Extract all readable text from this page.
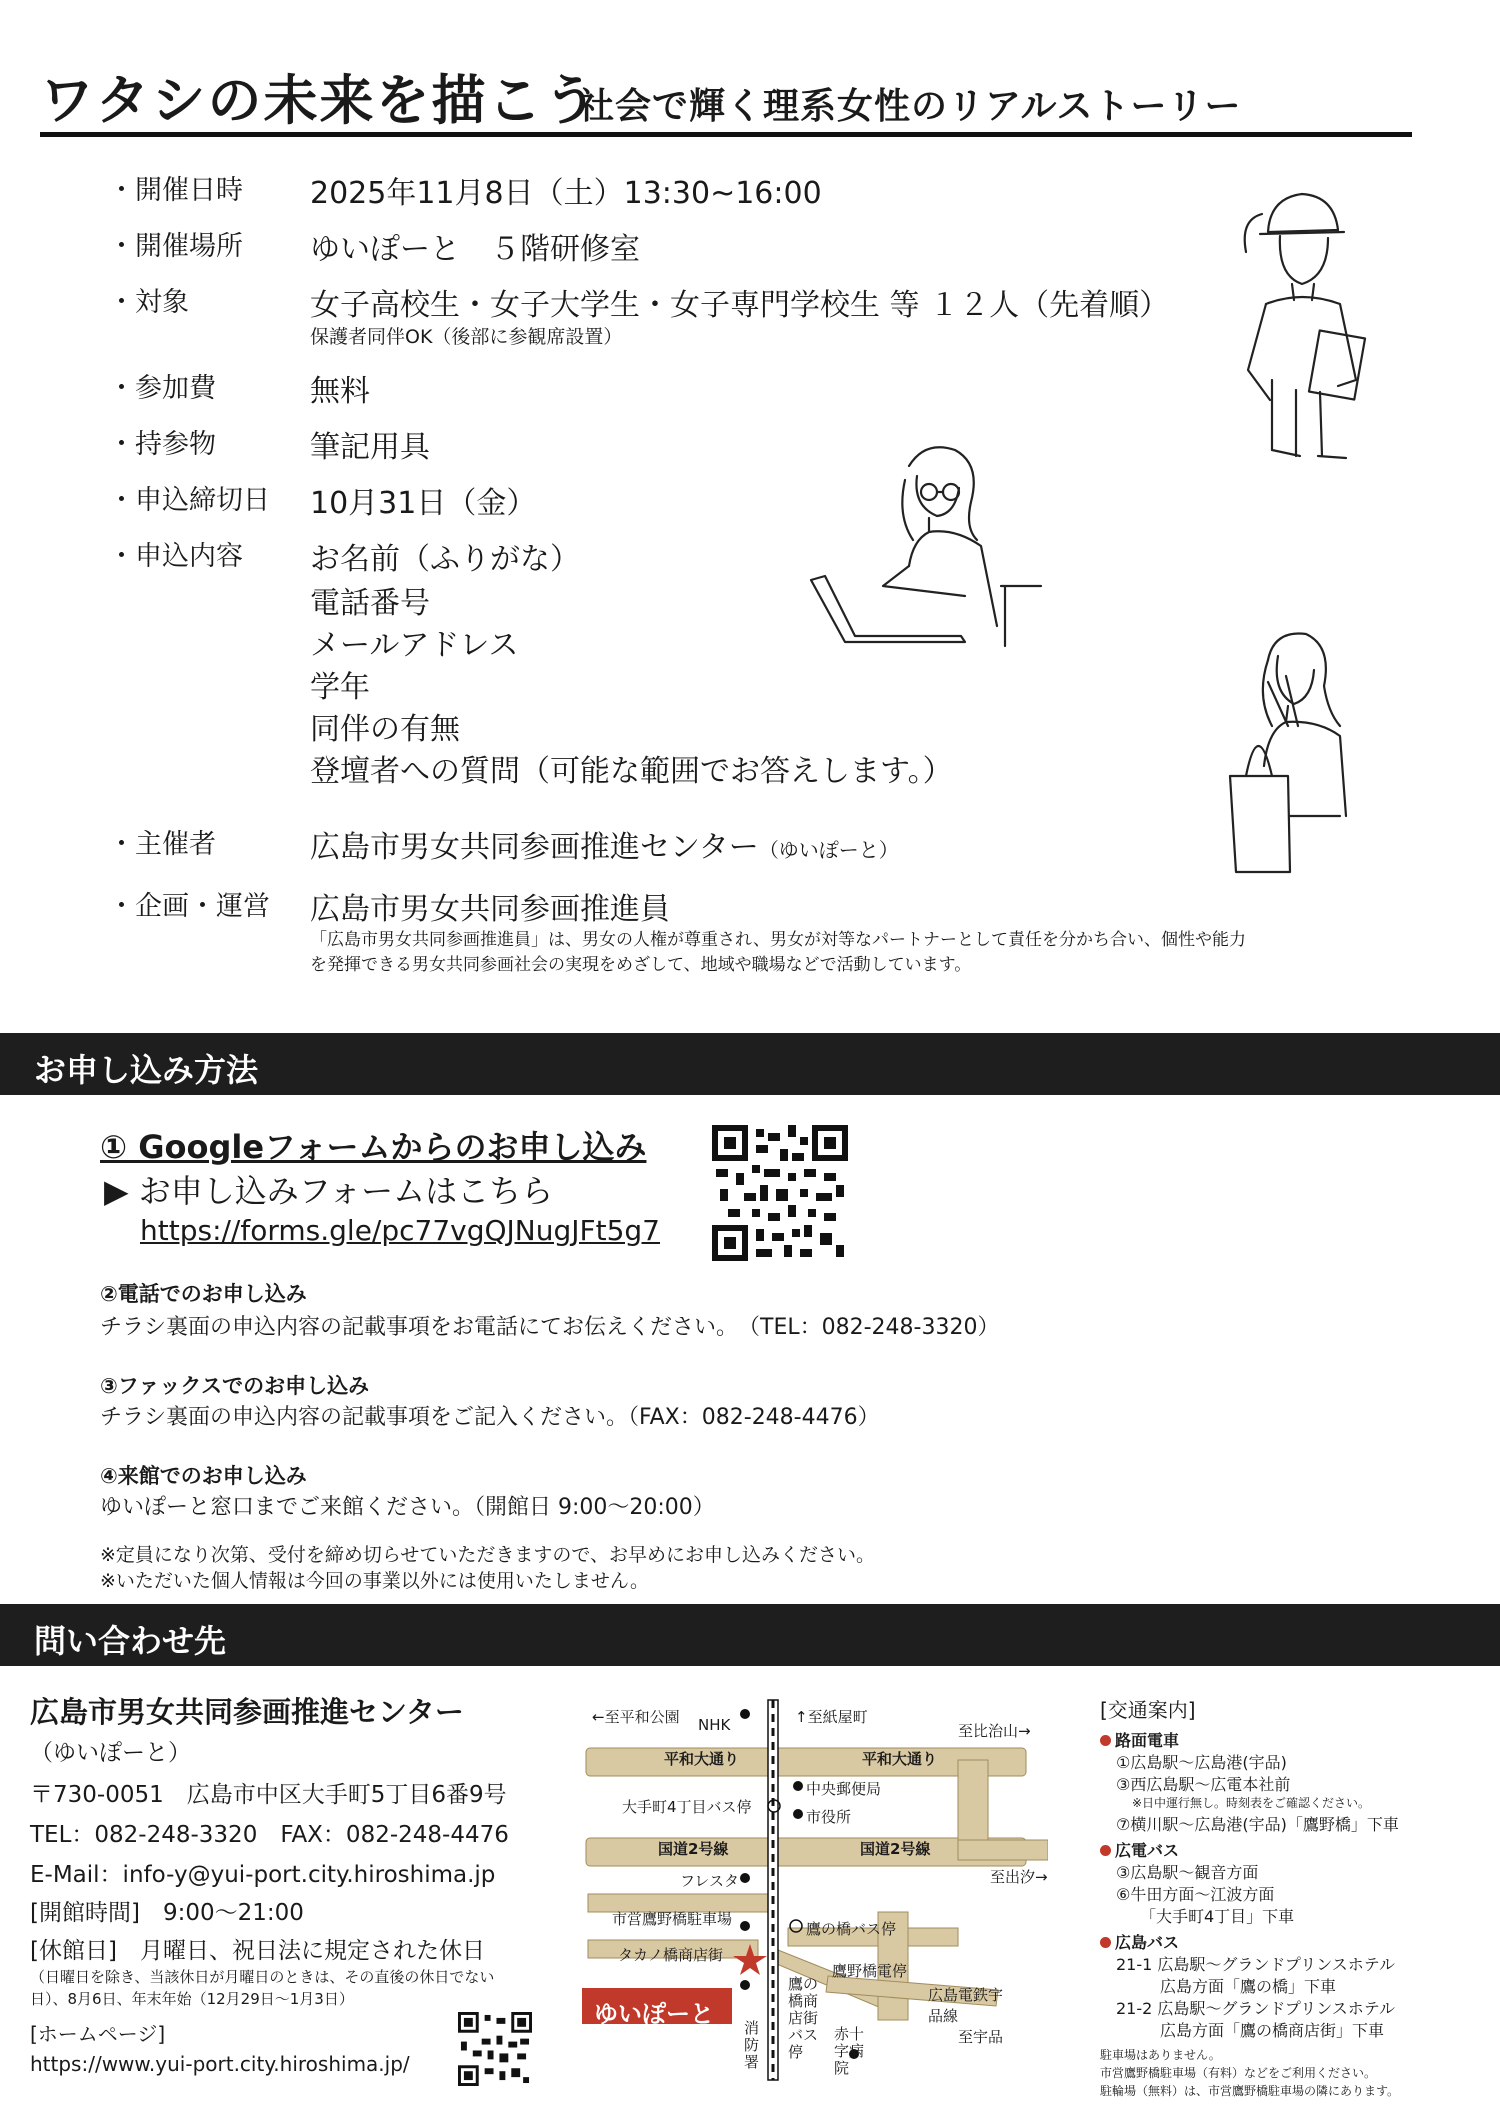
ワタシの未来を描こう
社会で輝く理系女性のリアルストーリー
・開催日時	2025年11月8日（土）13:30~16:00
・開催場所	ゆいぽーと　５階研修室
・対象	女子高校生・女子大学生・女子専門学校生 等 １２人（先着順）
保護者同伴OK（後部に参観席設置）
・参加費	無料
・持参物	筆記用具
・申込締切日	10月31日（金）
・申込内容	お名前（ふりがな）
電話番号
メールアドレス
学年
同伴の有無
登壇者への質問（可能な範囲でお答えします。）
・主催者	広島市男女共同参画推進センター（ゆいぽーと）
・企画・運営	広島市男女共同参画推進員
「広島市男女共同参画推進員」は、男女の人権が尊重され、男女が対等なパートナーとして責任を分かち合い、個性や能力を発揮できる男女共同参画社会の実現をめざして、地域や職場などで活動しています。
お申し込み方法
① Googleフォームからのお申し込み
▶ お申し込みフォームはこちら
https://forms.gle/pc77vgQJNugJFt5g7
②電話でのお申し込み
チラシ裏面の申込内容の記載事項をお電話にてお伝えください。　（TEL：082-248-3320）
③ファックスでのお申し込み
チラシ裏面の申込内容の記載事項をご記入ください。（FAX：082-248-4476）
④来館でのお申し込み
ゆいぽーと窓口までご来館ください。（開館日 9:00～20:00）
※定員になり次第、受付を締め切らせていただきますので、お早めにお申し込みください。
※いただいた個人情報は今回の事業以外には使用いたしません。
問い合わせ先
広島市男女共同参画推進センター
（ゆいぽーと）
〒730-0051　広島市中区大手町5丁目6番9号
TEL：082-248-3320　FAX：082-248-4476
E-Mail：info-y@yui-port.city.hiroshima.jp
[開館時間]　9:00～21:00
[休館日]　月曜日、祝日法に規定された休日
（日曜日を除き、当該休日が月曜日のときは、その直後の休日でない日）、8月6日、年末年始（12月29日～1月3日）
[ホームページ]
https://www.yui-port.city.hiroshima.jp/
←至平和公園	↑至紙屋町
至比治山→
NHK
平和大通り	平和大通り
中央郵便局
市役所
大手町4丁目バス停
国道2号線	国道2号線
至出汐→
フレスタ
市営鷹野橋駐車場
鷹の橋バス停
タカノ橋商店街
鷹野橋電停
広島電鉄宇品線
ゆいぽーと 消防署
鷹の橋商店街バス停
赤十字病院
至宇品
[交通案内]
路面電車
①広島駅～広島港(宇品)
③西広島駅～広電本社前
※日中運行無し。時刻表をご確認ください。
⑦横川駅～広島港(宇品)「鷹野橋」下車
広電バス
③広島駅～観音方面
⑥牛田方面～江波方面
「大手町4丁目」下車
広島バス
21-1 広島駅～グランドプリンスホテル
広島方面「鷹の橋」下車
21-2 広島駅～グランドプリンスホテル
広島方面「鷹の橋商店街」下車
駐車場はありません。
市営鷹野橋駐車場（有料）などをご利用ください。
駐輪場（無料）は、市営鷹野橋駐車場の隣にあります。
